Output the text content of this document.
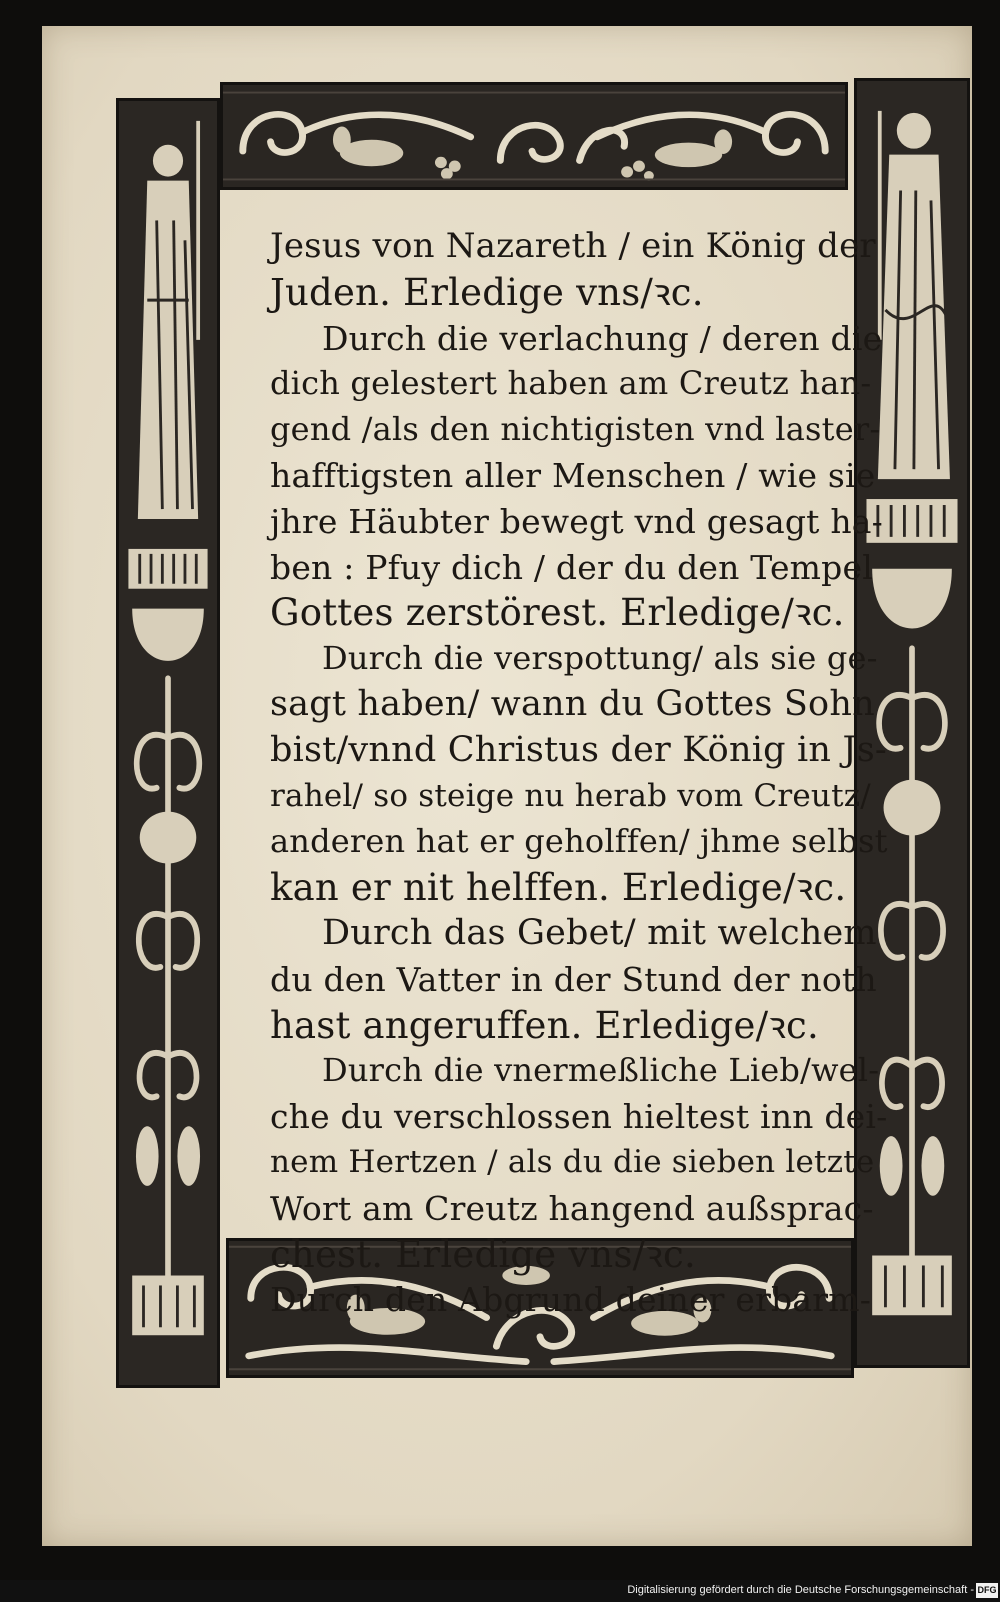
Jesus von Nazareth / ein König der
Juden. Erledige vns/ꝛc.
Durch die verlachung / deren die
dich gelestert haben am Creutz han-
gend /als den nichtigisten vnd laster-
hafftigsten aller Menschen / wie sie
jhre Häubter bewegt vnd gesagt ha-
ben : Pfuy dich / der du den Tempel
Gottes zerstörest. Erledige/ꝛc.
Durch die verspottung/ als sie ge-
sagt haben/ wann du Gottes Sohn
bist/vnnd Christus der König in Js-
rahel/ so steige nu herab vom Creutz/
anderen hat er geholffen/ jhme selbst
kan er nit helffen. Erledige/ꝛc.
Durch das Gebet/ mit welchem
du den Vatter in der Stund der noth
hast angeruffen. Erledige/ꝛc.
Durch die vnermeßliche Lieb/wel-
che du verschlossen hieltest inn dei-
nem Hertzen / als du die sieben letzte
Wort am Creutz hangend außsprac-
chest. Erledige vns/ꝛc.
Durch den Abgrund deiner erbarm-
Digitalisierung gefördert durch die Deutsche Forschungsgemeinschaft - DFG
